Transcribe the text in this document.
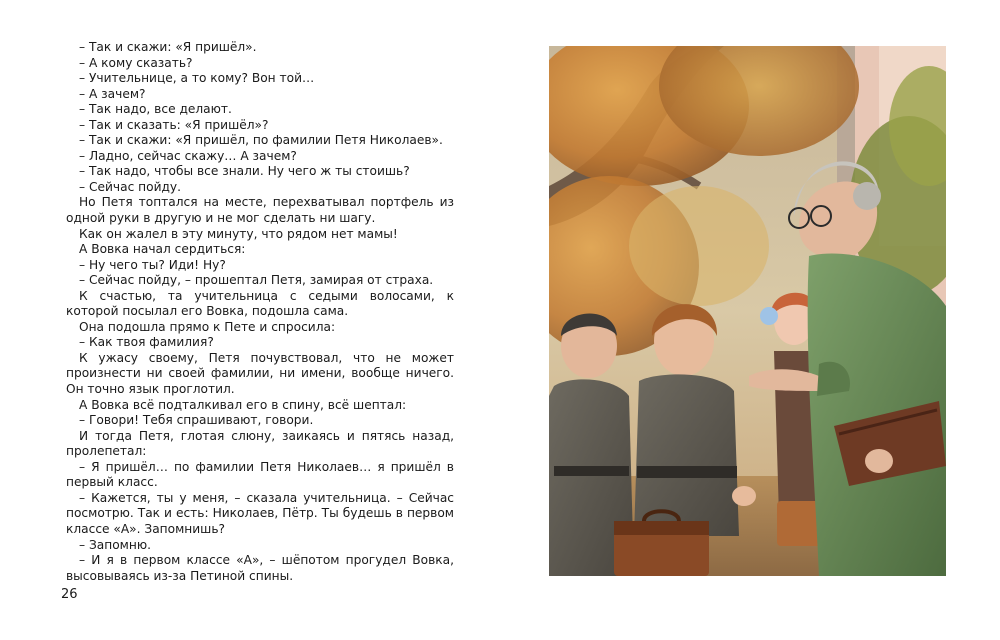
– Так и скажи: «Я пришёл».

– А кому сказать?

– Учительнице, а то кому? Вон той…

– А зачем?

– Так надо, все делают.

– Так и сказать: «Я пришёл»?

– Так и скажи: «Я пришёл, по фамилии Петя Николаев».

– Ладно, сейчас скажу… А зачем?

– Так надо, чтобы все знали. Ну чего ж ты стоишь?

– Сейчас пойду.

Но Петя топтался на месте, перехватывал портфель из одной руки в другую и не мог сделать ни шагу.

Как он жалел в эту минуту, что рядом нет мамы!

А Вовка начал сердиться:

– Ну чего ты? Иди! Ну?

– Сейчас пойду, – прошептал Петя, замирая от страха.

К счастью, та учительница с седыми волосами, к которой посылал его Вовка, подошла сама.

Она подошла прямо к Пете и спросила:

– Как твоя фамилия?

К ужасу своему, Петя почувствовал, что не может произнести ни своей фамилии, ни имени, вообще ничего. Он точно язык проглотил.

А Вовка всё подталкивал его в спину, всё шептал:

– Говори! Тебя спрашивают, говори.

И тогда Петя, глотая слюну, заикаясь и пятясь назад, пролепетал:

– Я пришёл… по фамилии Петя Николаев… я пришёл в первый класс.

– Кажется, ты у меня, – сказала учительница. – Сейчас посмотрю. Так и есть: Николаев, Пётр. Ты будешь в первом классе «А». Запомнишь?

– Запомню.

– И я в первом классе «А», – шёпотом прогудел Вовка, высовываясь из-за Петиной спины.

26
